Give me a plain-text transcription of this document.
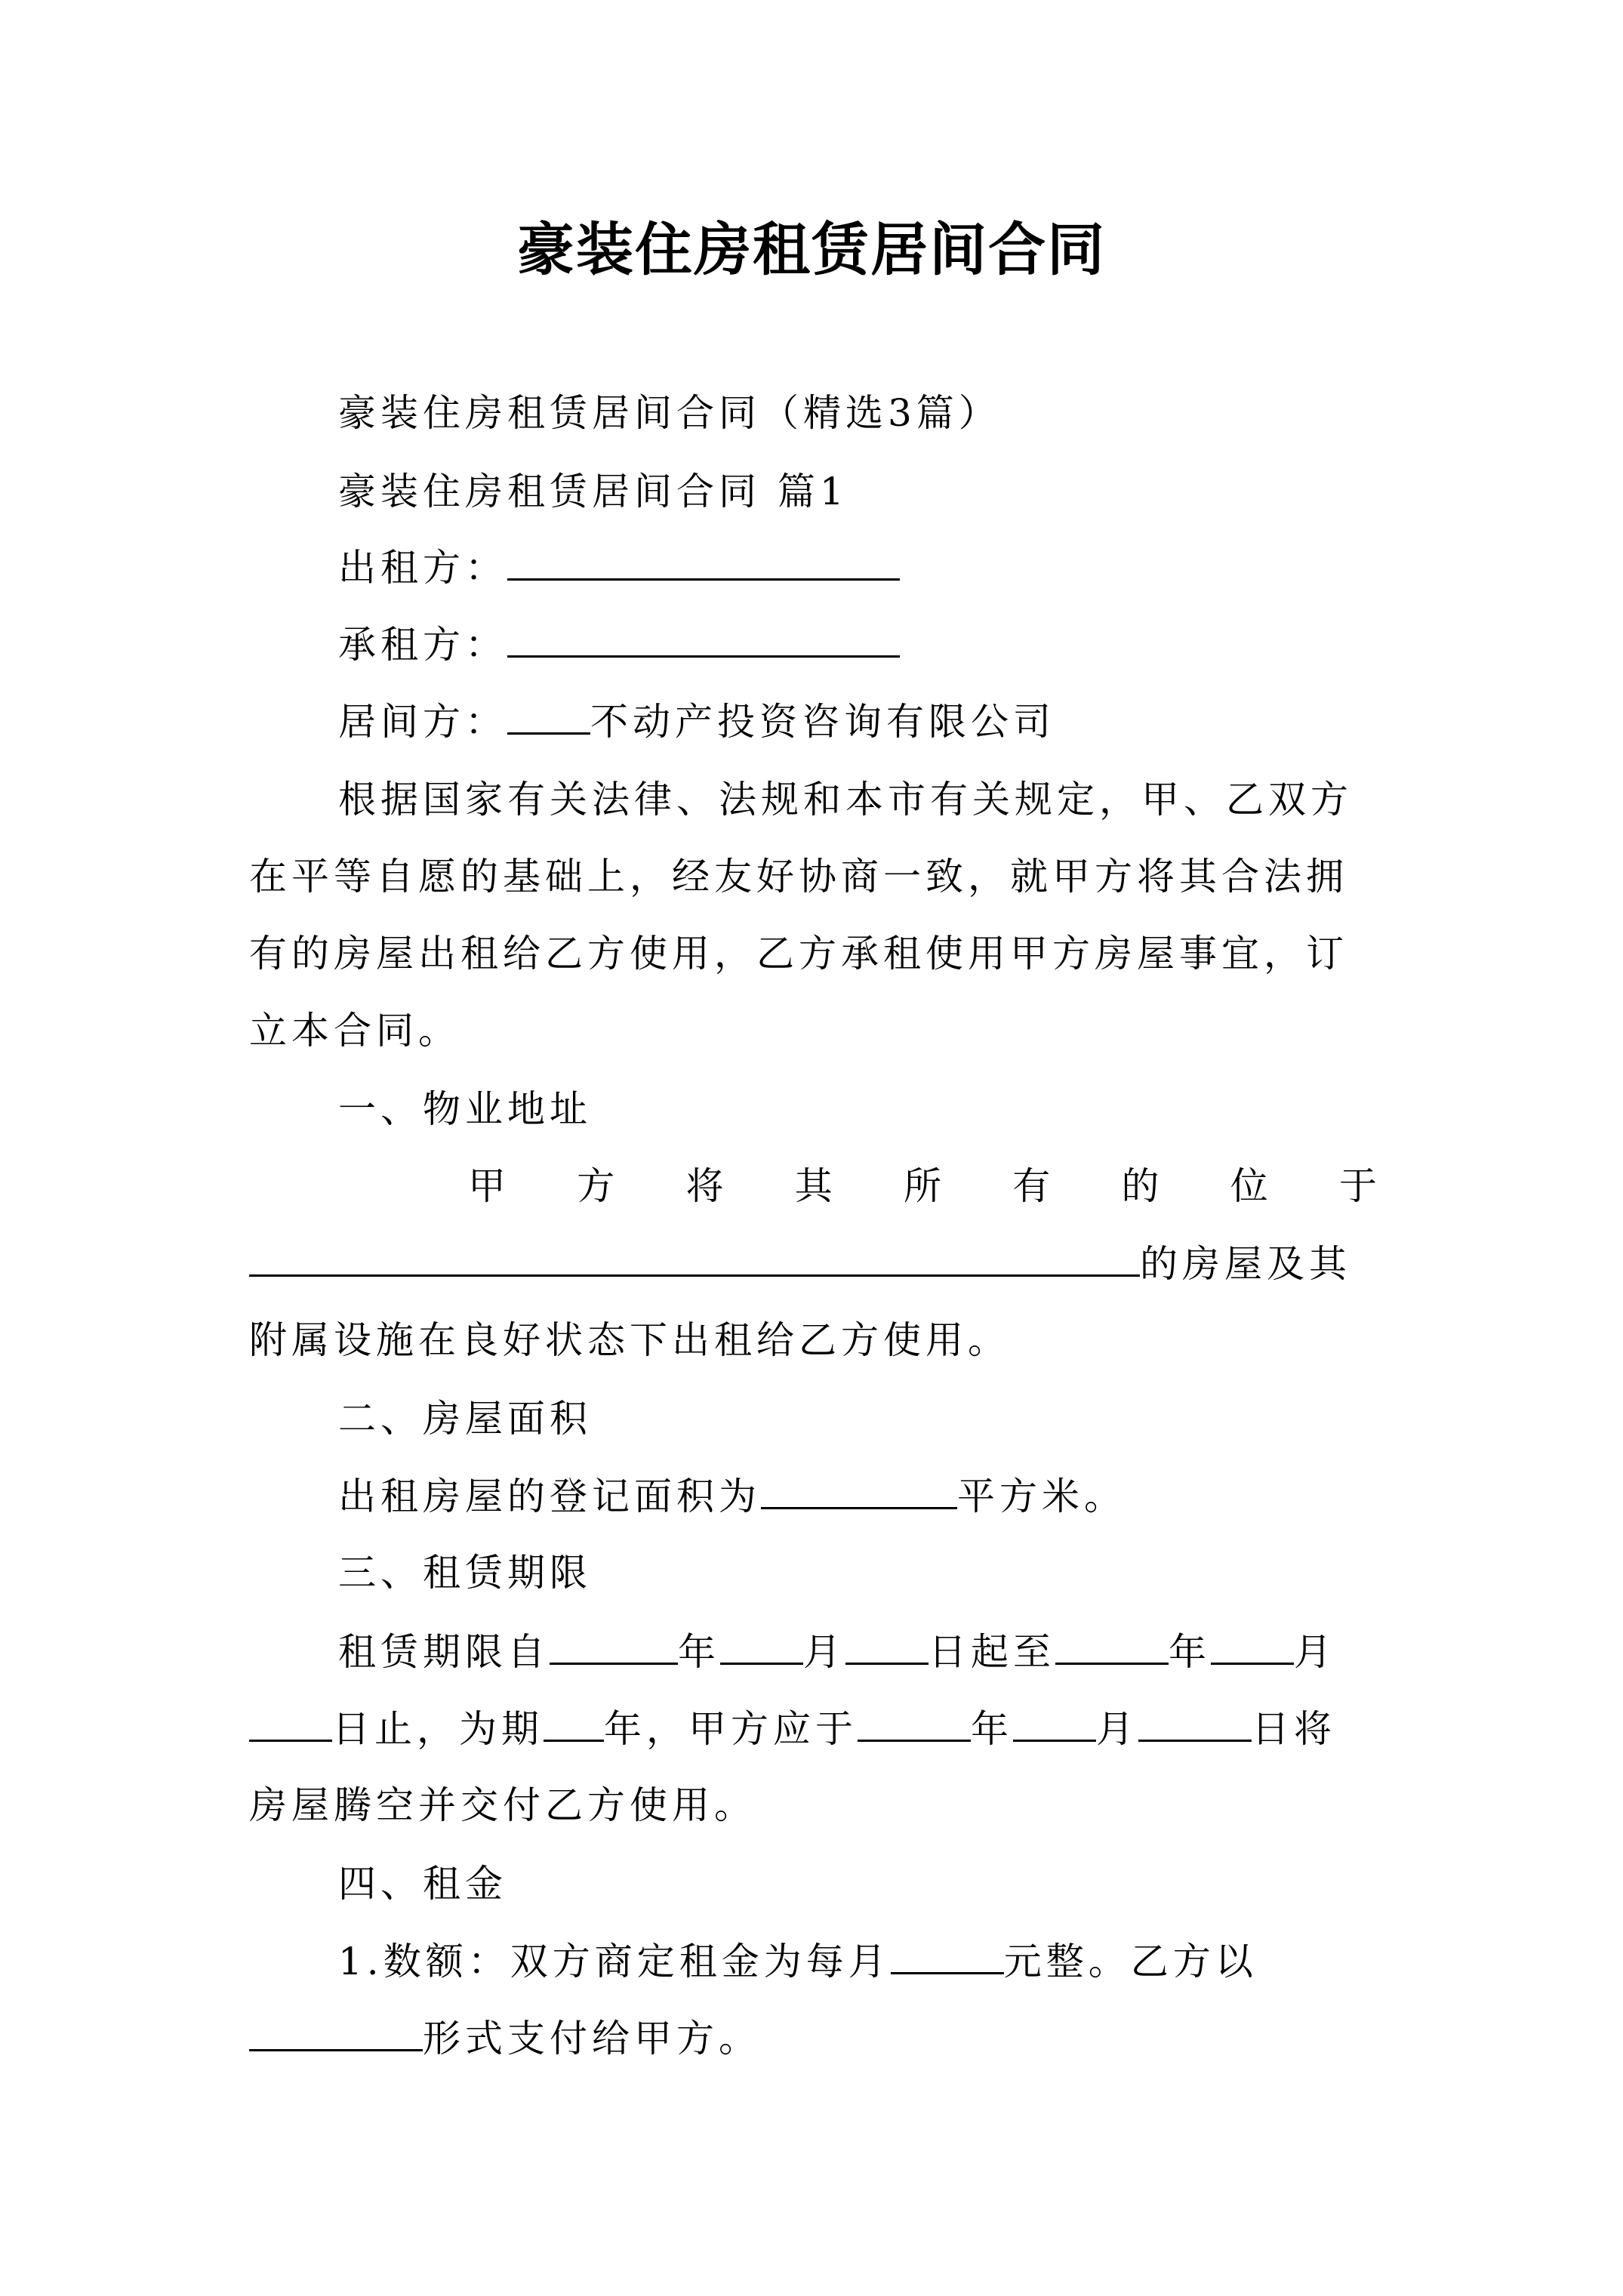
豪装住房租赁居间合同
豪装住房租赁居间合同（精选3篇）
豪装住房租赁居间合同 篇1
出租方：
承租方：
居间方： 不动产投资咨询有限公司
根据国家有关法律、法规和本市有关规定，甲、乙双方
在平等自愿的基础上，经友好协商一致，就甲方将其合法拥
有的房屋出租给乙方使用，乙方承租使用甲方房屋事宜，订
立本合同。
一、物业地址
甲 方 将 其 所 有 的 位 于
的房屋及其
附属设施在良好状态下出租给乙方使用。
二、房屋面积
出租房屋的登记面积为	平方米。
三、租赁期限
租赁期限自	年 月 日起至	年 月
日止，为期 年，甲方应于	年 月	日将
房屋腾空并交付乙方使用。
四、租金
1.数额：双方商定租金为每月	元整。乙方以
形式支付给甲方。
